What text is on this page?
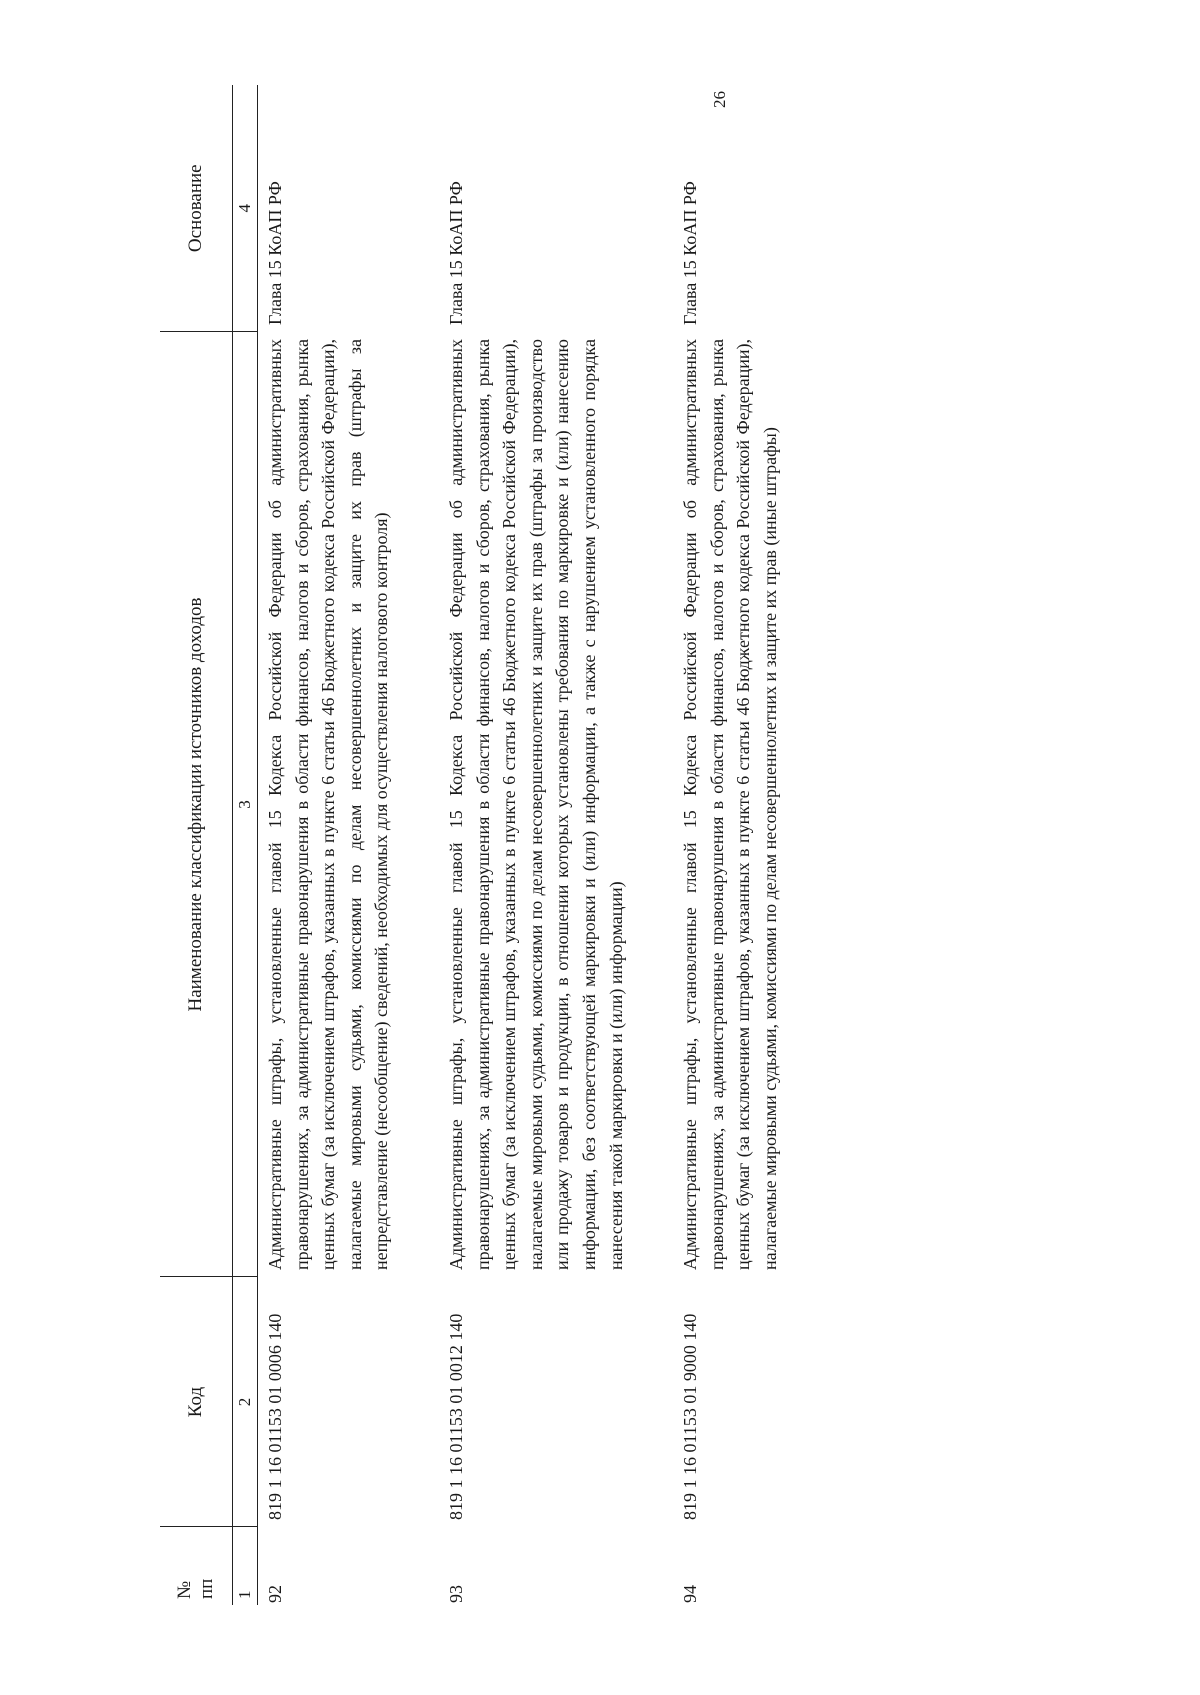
26
№ пп	Код	Наименование классификации источников доходов	Основание
1	2	3	4
92	819 1 16 01153 01 0006 140	Административные штрафы, установленные главой 15 Кодекса Российской Федерации об административных правонарушениях, за административные правонарушения в области финансов, налогов и сборов, страхования, рынка ценных бумаг (за исключением штрафов, указанных в пункте 6 статьи 46 Бюджетного кодекса Российской Федерации), налагаемые мировыми судьями, комиссиями по делам несовершеннолетних и защите их прав (штрафы за непредставление (несообщение) сведений, необходимых для осуществления налогового контроля)	Глава 15 КоАП РФ
93	819 1 16 01153 01 0012 140	Административные штрафы, установленные главой 15 Кодекса Российской Федерации об административных правонарушениях, за административные правонарушения в области финансов, налогов и сборов, страхования, рынка ценных бумаг (за исключением штрафов, указанных в пункте 6 статьи 46 Бюджетного кодекса Российской Федерации), налагаемые мировыми судьями, комиссиями по делам несовершеннолетних и защите их прав (штрафы за производство или продажу товаров и продукции, в отношении которых установлены требования по маркировке и (или) нанесению информации, без соответствующей маркировки и (или) информации, а также с нарушением установленного порядка нанесения такой маркировки и (или) информации)	Глава 15 КоАП РФ
94	819 1 16 01153 01 9000 140	Административные штрафы, установленные главой 15 Кодекса Российской Федерации об административных правонарушениях, за административные правонарушения в области финансов, налогов и сборов, страхования, рынка ценных бумаг (за исключением штрафов, указанных в пункте 6 статьи 46 Бюджетного кодекса Российской Федерации), налагаемые мировыми судьями, комиссиями по делам несовершеннолетних и защите их прав (иные штрафы)	Глава 15 КоАП РФ
